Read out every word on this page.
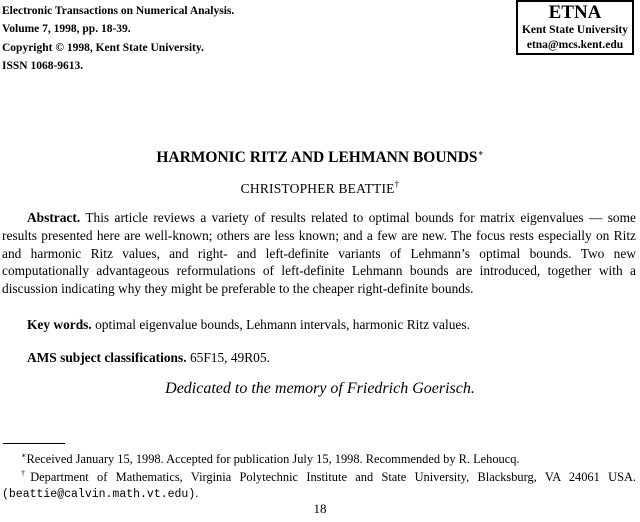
Electronic Transactions on Numerical Analysis.
Volume 7, 1998, pp. 18-39.
Copyright © 1998, Kent State University.
ISSN 1068-9613.
ETNA
Kent State University
etna@mcs.kent.edu
HARMONIC RITZ AND LEHMANN BOUNDS∗
CHRISTOPHER BEATTIE†

Abstract. This article reviews a variety of results related to optimal bounds for matrix eigenvalues — some results presented here are well-known; others are less known; and a few are new. The focus rests especially on Ritz and harmonic Ritz values, and right- and left-definite variants of Lehmann’s optimal bounds. Two new computationally advantageous reformulations of left-definite Lehmann bounds are introduced, together with a discussion indicating why they might be preferable to the cheaper right-definite bounds.

Key words. optimal eigenvalue bounds, Lehmann intervals, harmonic Ritz values.

AMS subject classifications. 65F15, 49R05.

Dedicated to the memory of Friedrich Goerisch.

∗Received January 15, 1998. Accepted for publication July 15, 1998. Recommended by R. Lehoucq.

†Department of Mathematics, Virginia Polytechnic Institute and State University, Blacksburg, VA 24061 USA. (beattie@calvin.math.vt.edu).

18
